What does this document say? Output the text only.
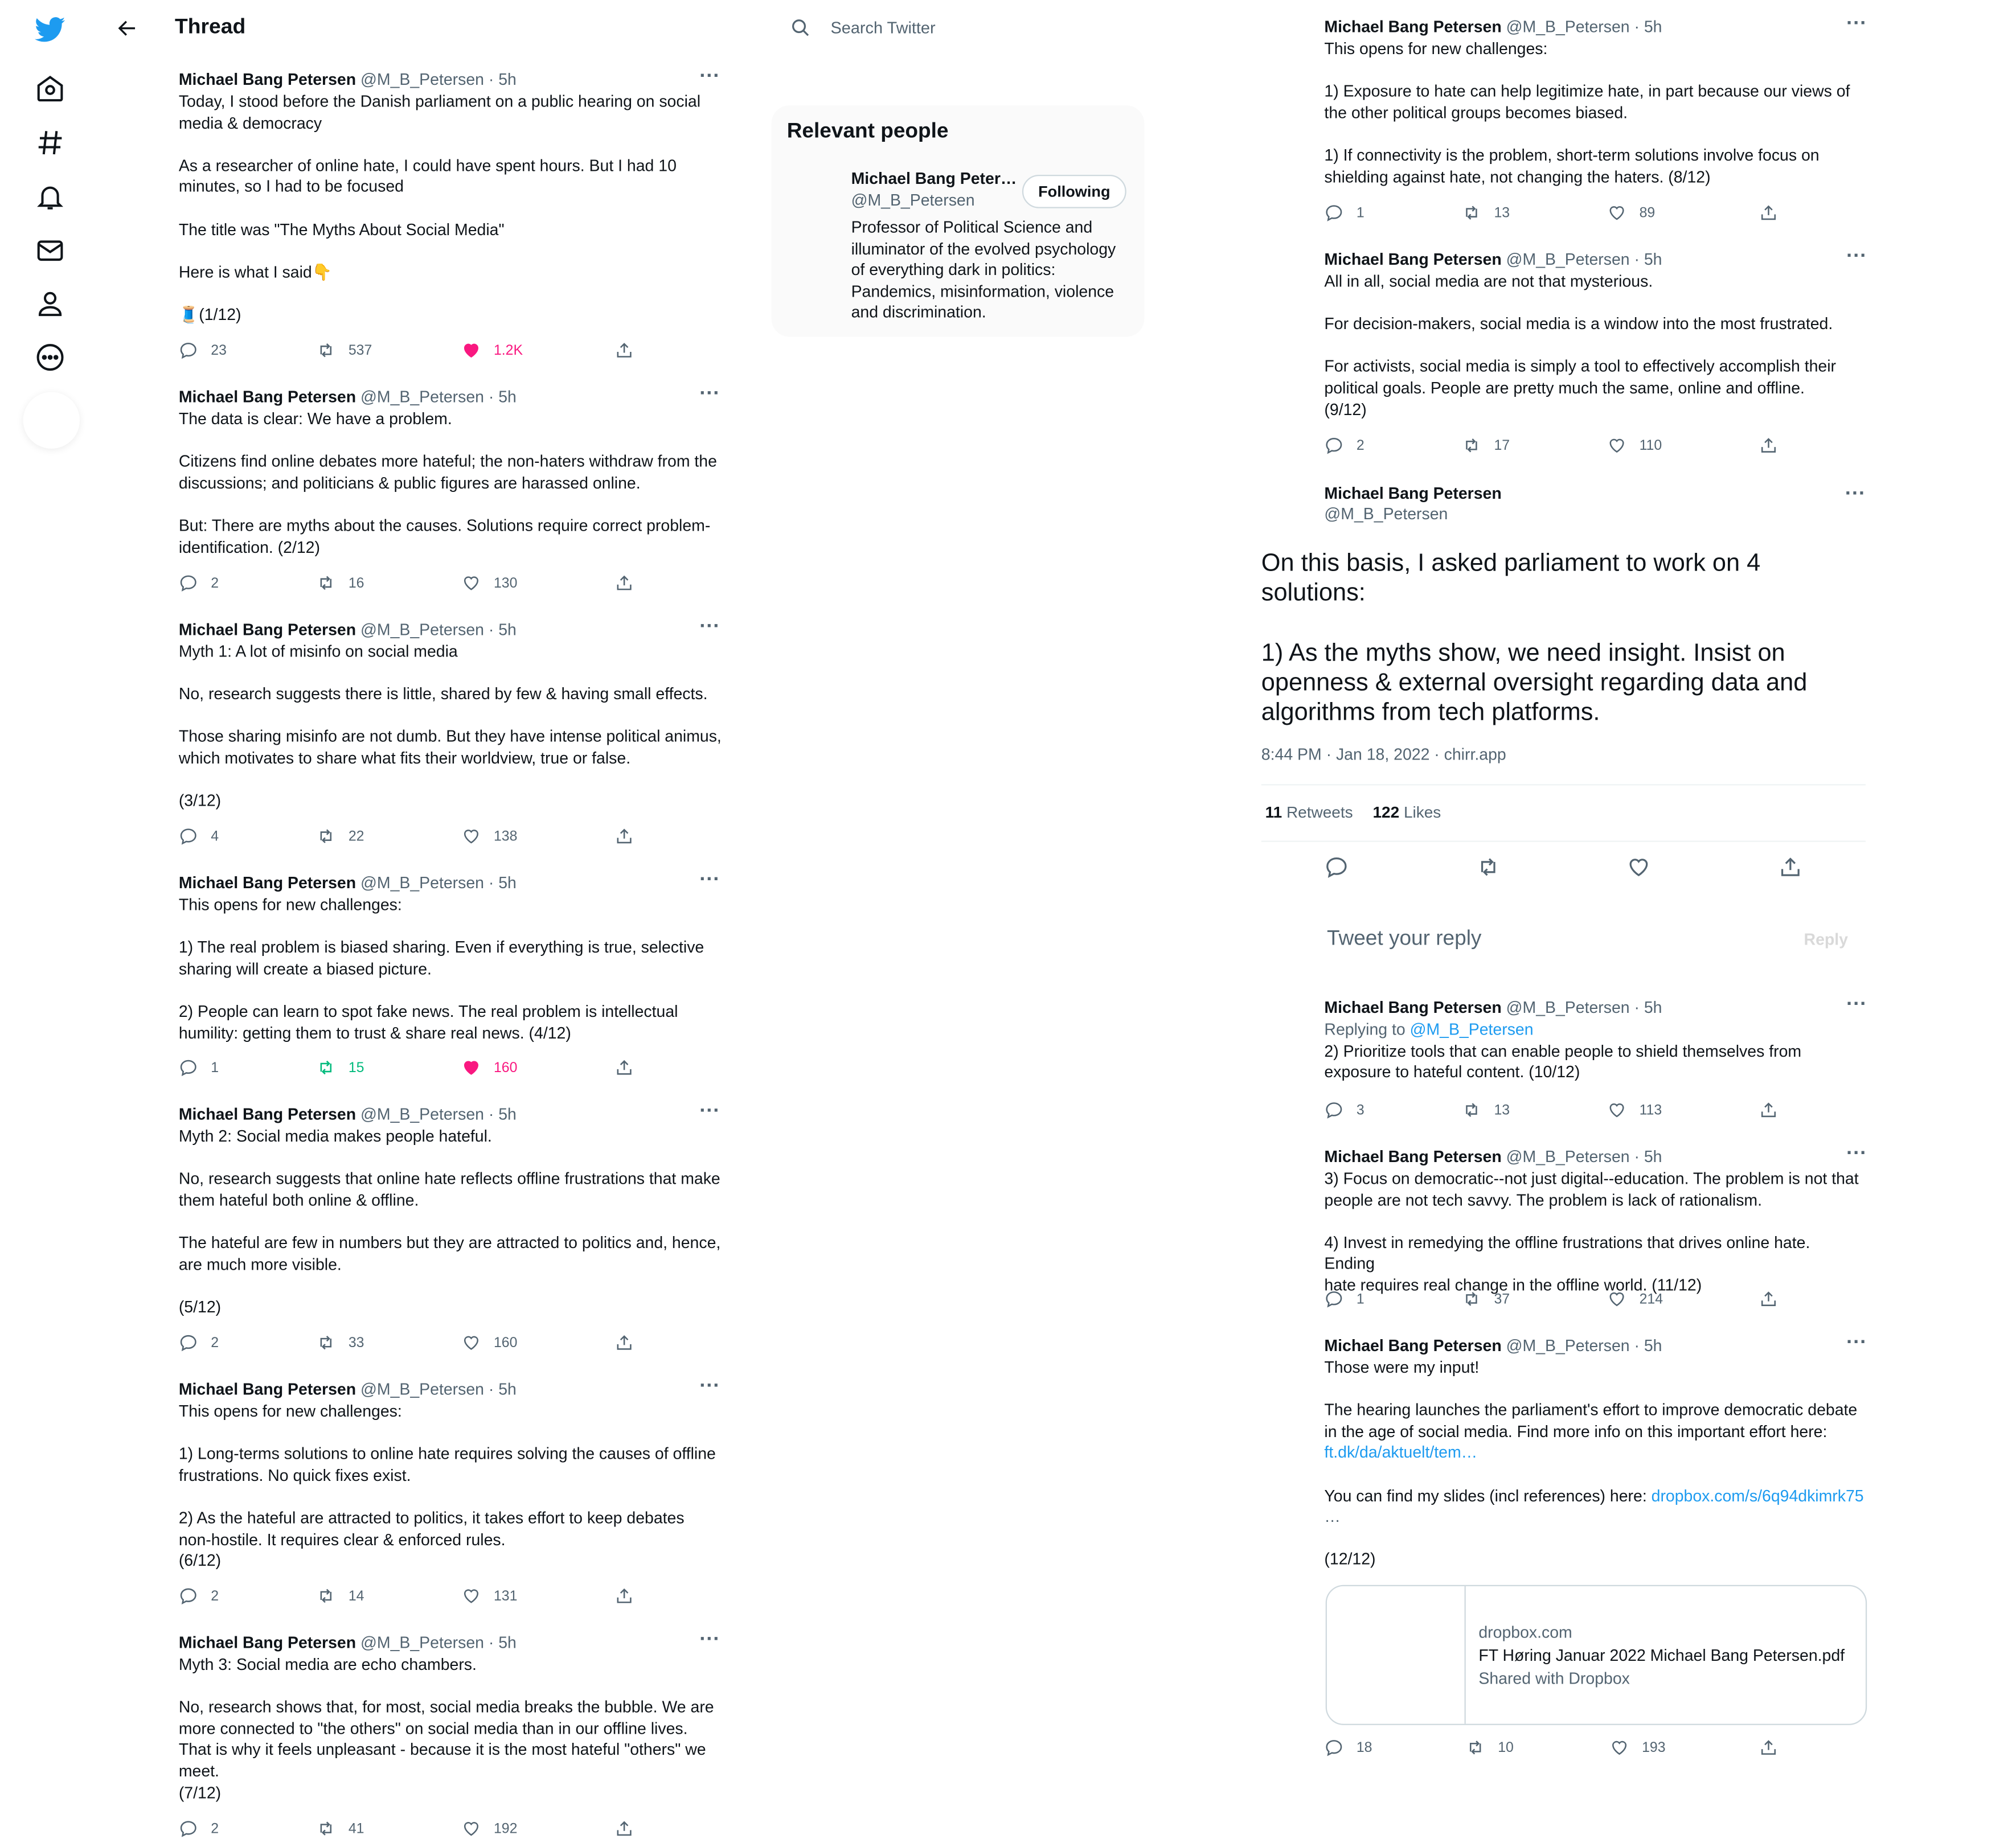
Thread	Search Twitter
Relevant people
Michael Bang Peter…
@M_B_Petersen	Following
Professor of Political Science and
illuminator of the evolved psychology
of everything dark in politics:
Pandemics, misinformation, violence
and discrimination.
Michael Bang Petersen @M_B_Petersen · 5h	···
Today, I stood before the Danish parliament on a public hearing on social
media & democracy

As a researcher of online hate, I could have spent hours. But I had 10
minutes, so I had to be focused

The title was "The Myths About Social Media"

Here is what I said👇

🧵(1/12)
23	537	1.2K
Michael Bang Petersen @M_B_Petersen · 5h	···
The data is clear: We have a problem.

Citizens find online debates more hateful; the non-haters withdraw from the
discussions; and politicians & public figures are harassed online.

But: There are myths about the causes. Solutions require correct problem-
identification. (2/12)
2	16	130
Michael Bang Petersen @M_B_Petersen · 5h	···
Myth 1: A lot of misinfo on social media

No, research suggests there is little, shared by few & having small effects.

Those sharing misinfo are not dumb. But they have intense political animus,
which motivates to share what fits their worldview, true or false.

(3/12)
4	22	138
Michael Bang Petersen @M_B_Petersen · 5h	···
This opens for new challenges:

1) The real problem is biased sharing. Even if everything is true, selective
sharing will create a biased picture.

2) People can learn to spot fake news. The real problem is intellectual
humility: getting them to trust & share real news. (4/12)
1	15	160
Michael Bang Petersen @M_B_Petersen · 5h	···
Myth 2: Social media makes people hateful.

No, research suggests that online hate reflects offline frustrations that make
them hateful both online & offline.

The hateful are few in numbers but they are attracted to politics and, hence,
are much more visible.

(5/12)
2	33	160
Michael Bang Petersen @M_B_Petersen · 5h	···
This opens for new challenges:

1) Long-terms solutions to online hate requires solving the causes of offline
frustrations. No quick fixes exist.

2) As the hateful are attracted to politics, it takes effort to keep debates
non-hostile. It requires clear & enforced rules.
(6/12)
2	14	131
Michael Bang Petersen @M_B_Petersen · 5h	···
Myth 3: Social media are echo chambers.

No, research shows that, for most, social media breaks the bubble. We are
more connected to "the others" on social media than in our offline lives.
That is why it feels unpleasant - because it is the most hateful "others" we
meet.
(7/12)
2	41	192
Michael Bang Petersen @M_B_Petersen · 5h	···
This opens for new challenges:

1) Exposure to hate can help legitimize hate, in part because our views of
the other political groups becomes biased.

1) If connectivity is the problem, short-term solutions involve focus on
shielding against hate, not changing the haters. (8/12)
1	13	89
Michael Bang Petersen @M_B_Petersen · 5h	···
All in all, social media are not that mysterious.

For decision-makers, social media is a window into the most frustrated.

For activists, social media is simply a tool to effectively accomplish their
political goals. People are pretty much the same, online and offline.
(9/12)
2	17	110
Michael Bang Petersen
@M_B_Petersen
···
On this basis, I asked parliament to work on 4
solutions:

1) As the myths show, we need insight. Insist on
openness & external oversight regarding data and
algorithms from tech platforms.
8:44 PM · Jan 18, 2022 · chirr.app
11 Retweets	122 Likes
Tweet your reply	Reply
Michael Bang Petersen @M_B_Petersen · 5h	···
Replying to @M_B_Petersen
2) Prioritize tools that can enable people to shield themselves from
exposure to hateful content. (10/12)
3	13	113
Michael Bang Petersen @M_B_Petersen · 5h	···
3) Focus on democratic--not just digital--education. The problem is not that
people are not tech savvy. The problem is lack of rationalism.

4) Invest in remedying the offline frustrations that drives online hate. Ending
hate requires real change in the offline world. (11/12)
1	37	214
Michael Bang Petersen @M_B_Petersen · 5h	···
Those were my input!

The hearing launches the parliament's effort to improve democratic debate
in the age of social media. Find more info on this important effort here:
ft.dk/da/aktuelt/tem…
You can find my slides (incl references) here: dropbox.com/s/6q94dkimrk75
…
(12/12)
dropbox.com
FT Høring Januar 2022 Michael Bang Petersen.pdf
Shared with Dropbox
18	10	193
